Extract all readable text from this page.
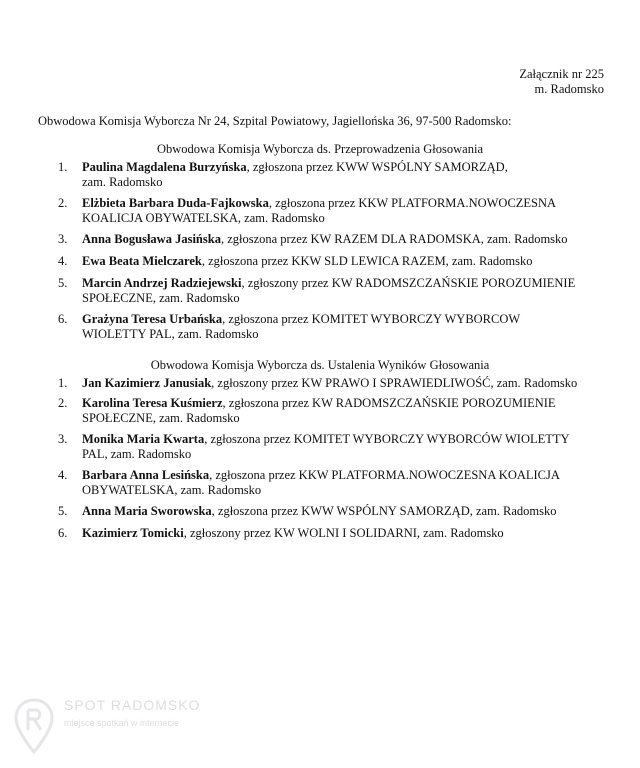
Załącznik nr 225
m. Radomsko
Obwodowa Komisja Wyborcza Nr 24, Szpital Powiatowy, Jagiellońska 36, 97-500 Radomsko:
Obwodowa Komisja Wyborcza ds. Przeprowadzenia Głosowania
1.	Paulina Magdalena Burzyńska, zgłoszona przez KWW WSPÓLNY SAMORZĄD,
zam. Radomsko
2.	Elżbieta Barbara Duda-Fajkowska, zgłoszona przez KKW PLATFORMA.NOWOCZESNA
KOALICJA OBYWATELSKA, zam. Radomsko
3.	Anna Bogusława Jasińska, zgłoszona przez KW RAZEM DLA RADOMSKA, zam. Radomsko
4.	Ewa Beata Mielczarek, zgłoszona przez KKW SLD LEWICA RAZEM, zam. Radomsko
5.	Marcin Andrzej Radziejewski, zgłoszony przez KW RADOMSZCZAŃSKIE POROZUMIENIE
SPOŁECZNE, zam. Radomsko
6.	Grażyna Teresa Urbańska, zgłoszona przez KOMITET WYBORCZY WYBORCOW
WIOLETTY PAL, zam. Radomsko
Obwodowa Komisja Wyborcza ds. Ustalenia Wyników Głosowania
1.	Jan Kazimierz Janusiak, zgłoszony przez KW PRAWO I SPRAWIEDLIWOŚĆ, zam. Radomsko
2.	Karolina Teresa Kuśmierz, zgłoszona przez KW RADOMSZCZAŃSKIE POROZUMIENIE
SPOŁECZNE, zam. Radomsko
3.	Monika Maria Kwarta, zgłoszona przez KOMITET WYBORCZY WYBORCÓW WIOLETTY
PAL, zam. Radomsko
4.	Barbara Anna Lesińska, zgłoszona przez KKW PLATFORMA.NOWOCZESNA KOALICJA
OBYWATELSKA, zam. Radomsko
5.	Anna Maria Sworowska, zgłoszona przez KWW WSPÓLNY SAMORZĄD, zam. Radomsko
6.	Kazimierz Tomicki, zgłoszony przez KW WOLNI I SOLIDARNI, zam. Radomsko
SPOT RADOMSKO
miejsce spotkań w internecie
